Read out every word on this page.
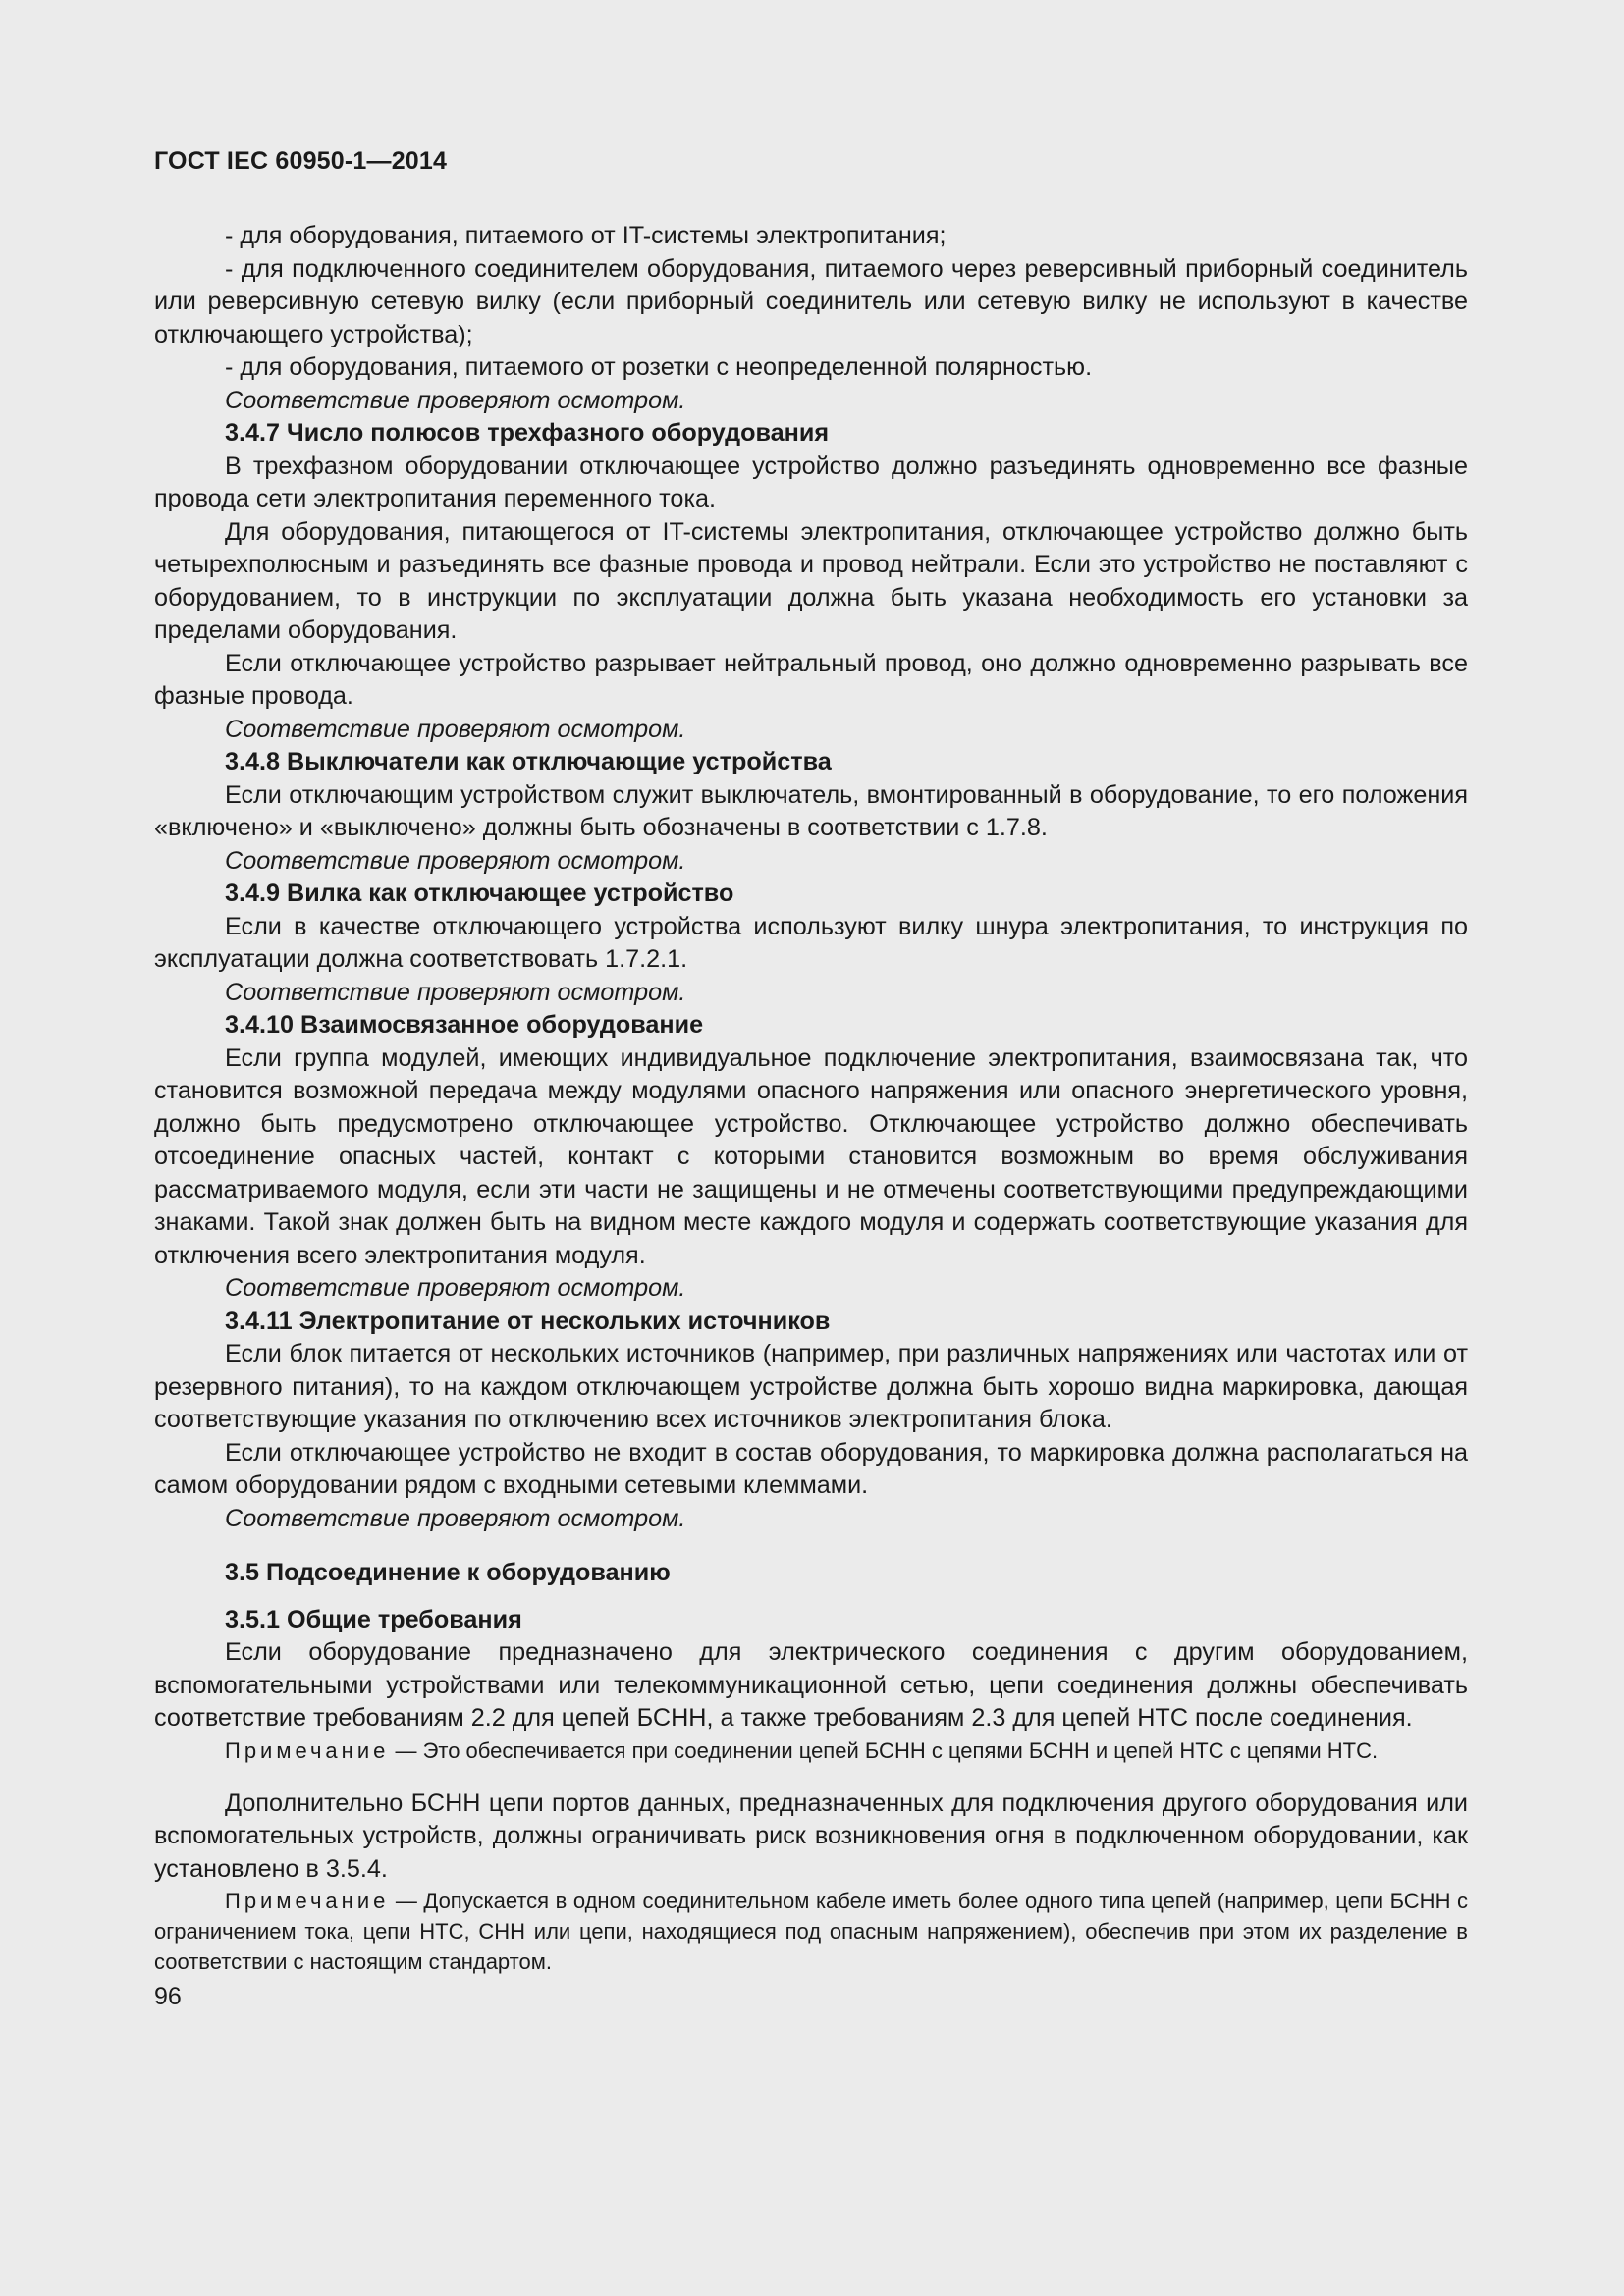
ГОСТ IEC 60950-1—2014

- для оборудования, питаемого от IT-системы электропитания;

- для подключенного соединителем оборудования, питаемого через реверсивный приборный соединитель или реверсивную сетевую вилку (если приборный соединитель или сетевую вилку не используют в качестве отключающего устройства);

- для оборудования, питаемого от розетки с неопределенной полярностью.

Соответствие проверяют осмотром.

3.4.7 Число полюсов трехфазного оборудования

В трехфазном оборудовании отключающее устройство должно разъединять одновременно все фазные провода сети электропитания переменного тока.

Для оборудования, питающегося от IT-системы электропитания, отключающее устройство должно быть четырехполюсным и разъединять все фазные провода и провод нейтрали. Если это устройство не поставляют с оборудованием, то в инструкции по эксплуатации должна быть указана необходимость его установки за пределами оборудования.

Если отключающее устройство разрывает нейтральный провод, оно должно одновременно разрывать все фазные провода.

Соответствие проверяют осмотром.

3.4.8 Выключатели как отключающие устройства

Если отключающим устройством служит выключатель, вмонтированный в оборудование, то его положения «включено» и «выключено» должны быть обозначены в соответствии с 1.7.8.

Соответствие проверяют осмотром.

3.4.9 Вилка как отключающее устройство

Если в качестве отключающего устройства используют вилку шнура электропитания, то инструкция по эксплуатации должна соответствовать 1.7.2.1.

Соответствие проверяют осмотром.

3.4.10 Взаимосвязанное оборудование

Если группа модулей, имеющих индивидуальное подключение электропитания, взаимосвязана так, что становится возможной передача между модулями опасного напряжения или опасного энергетического уровня, должно быть предусмотрено отключающее устройство. Отключающее устройство должно обеспечивать отсоединение опасных частей, контакт с которыми становится возможным во время обслуживания рассматриваемого модуля, если эти части не защищены и не отмечены соответствующими предупреждающими знаками. Такой знак должен быть на видном месте каждого модуля и содержать соответствующие указания для отключения всего электропитания модуля.

Соответствие проверяют осмотром.

3.4.11 Электропитание от нескольких источников

Если блок питается от нескольких источников (например, при различных напряжениях или частотах или от резервного питания), то на каждом отключающем устройстве должна быть хорошо видна маркировка, дающая соответствующие указания по отключению всех источников электропитания блока.

Если отключающее устройство не входит в состав оборудования, то маркировка должна располагаться на самом оборудовании рядом с входными сетевыми клеммами.

Соответствие проверяют осмотром.

3.5 Подсоединение к оборудованию

3.5.1 Общие требования

Если оборудование предназначено для электрического соединения с другим оборудованием, вспомогательными устройствами или телекоммуникационной сетью, цепи соединения должны обеспечивать соответствие требованиям 2.2 для цепей БСНН, а также требованиям 2.3 для цепей НТС после соединения.

Примечание — Это обеспечивается при соединении цепей БСНН с цепями БСНН и цепей НТС с цепями НТС.

Дополнительно БСНН цепи портов данных, предназначенных для подключения другого оборудования или вспомогательных устройств, должны ограничивать риск возникновения огня в подключенном оборудовании, как установлено в 3.5.4.

Примечание — Допускается в одном соединительном кабеле иметь более одного типа цепей (например, цепи БСНН с ограничением тока, цепи НТС, СНН или цепи, находящиеся под опасным напряжением), обеспечив при этом их разделение в соответствии с настоящим стандартом.

96
